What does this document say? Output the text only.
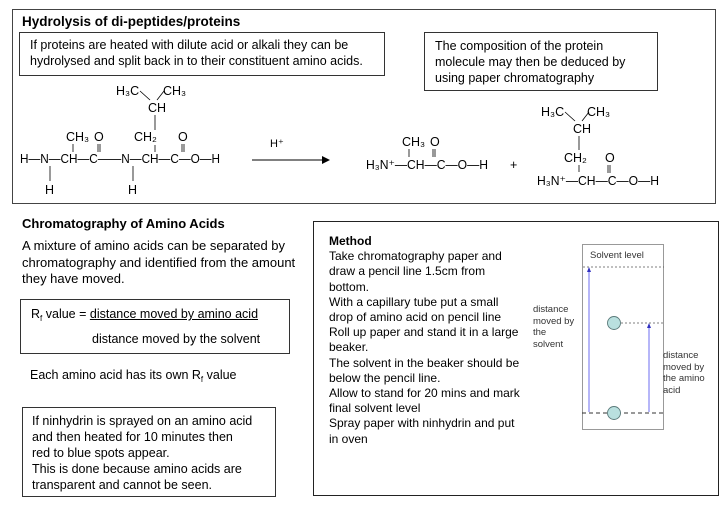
Hydrolysis of di-peptides/proteins
If proteins are heated with dilute acid or alkali they can be
hydrolysed and split back in to their constituent amino acids.
The composition of the protein
molecule may then be deduced by
using paper chromatography
H₃C CH₃
CH
CH₃ O CH₂ O
H—N—CH—C——N—CH—C—O—H
H	H
H⁺	CH₃ O
H₃N⁺—CH—C—O—H +
H₃C CH₃
CH
CH₂ O
H₃N⁺—CH—C—O—H
Chromatography of Amino Acids
A mixture of amino acids can be separated by
chromatography and identified from the amount
they have moved.
$R_f$ value = distance moved by amino acid
distance moved by the solvent
Each amino acid has its own $R_f$ value
If ninhydrin is sprayed on an amino acid
and then heated for 10 minutes then
red to blue spots appear.
This is done because amino acids are
transparent and cannot be seen.

Method

Take chromatography paper and

draw a pencil line 1.5cm from

bottom.

With a capillary tube put a small

drop of amino acid on pencil line

Roll up paper and stand it in a large

beaker.

The solvent in the beaker should be

below the pencil line.

Allow to stand for 20 mins and mark

final solvent level

Spray paper with ninhydrin and put

in oven

Solvent level
distance
moved by
the
solvent
distance
moved by
the amino
acid
